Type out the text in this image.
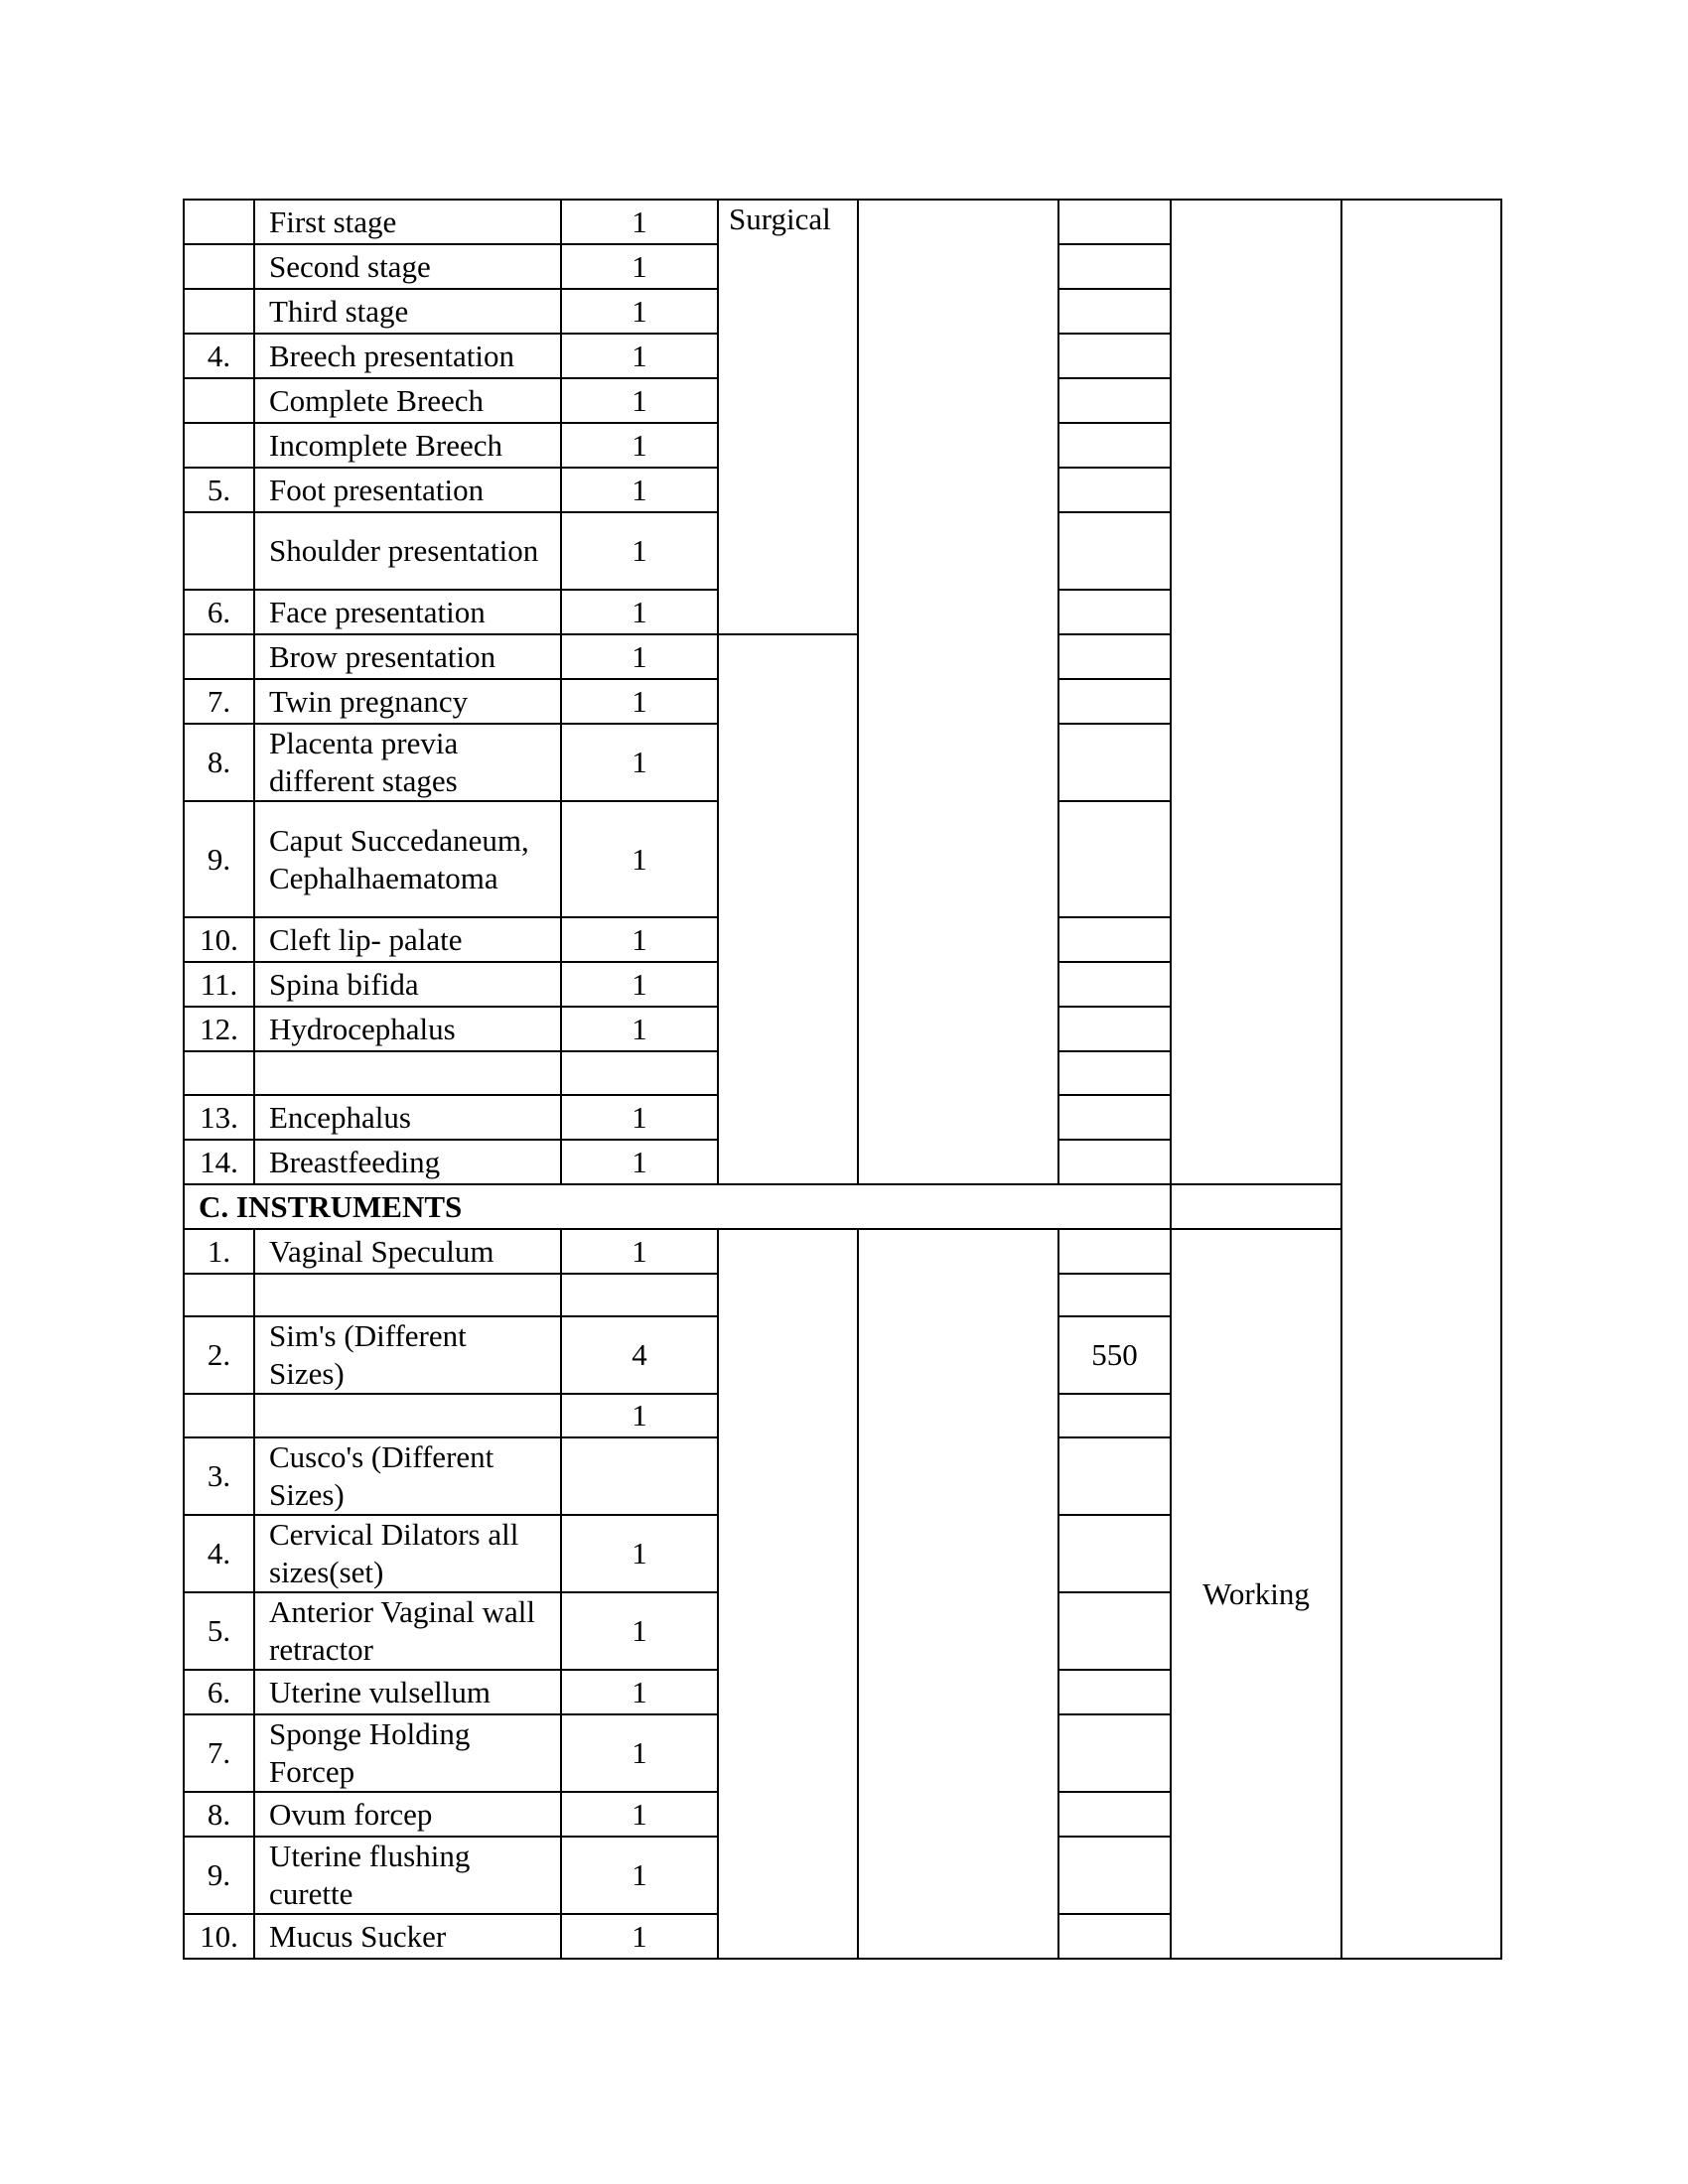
	First stage	1	Surgical				
	Second stage	1					
	Third stage	1					
4.	Breech presentation	1					
	Complete Breech	1					
	Incomplete Breech	1					
5.	Foot presentation	1					
	Shoulder presentation	1					
6.	Face presentation	1					
	Brow presentation	1					
7.	Twin pregnancy	1					
8.	Placenta previa different stages	1					
9.	Caput Succedaneum, Cephalhaematoma	1					
10.	Cleft lip- palate	1					
11.	Spina bifida	1					
12.	Hydrocephalus	1					

13.	Encephalus	1					
14.	Breastfeeding	1					
C. INSTRUMENTS							
1.	Vaginal Speculum	1				Working	

2.	Sim's (Different Sizes)	4			550		
		1					
3.	Cusco's (Different Sizes)						
4.	Cervical Dilators all sizes(set)	1					
5.	Anterior Vaginal wall retractor	1					
6.	Uterine vulsellum	1					
7.	Sponge Holding Forcep	1					
8.	Ovum forcep	1					
9.	Uterine flushing curette	1					
10.	Mucus Sucker	1					
